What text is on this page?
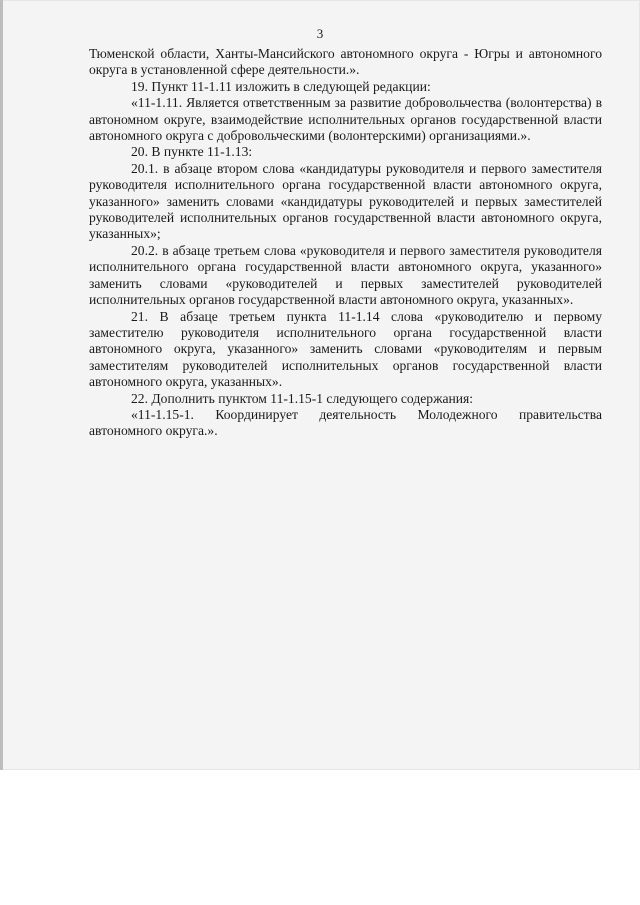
3

Тюменской области, Ханты-Мансийского автономного округа - Югры и автономного округа в установленной сфере деятельности.».

19. Пункт 11-1.11 изложить в следующей редакции:

«11-1.11. Является ответственным за развитие добровольчества (волонтерства) в автономном округе, взаимодействие исполнительных органов государственной власти автономного округа с добровольческими (волонтерскими) организациями.».

20. В пункте 11-1.13:

20.1. в абзаце втором слова «кандидатуры руководителя и первого заместителя руководителя исполнительного органа государственной власти автономного округа, указанного» заменить словами «кандидатуры руководителей и первых заместителей руководителей исполнительных органов государственной власти автономного округа, указанных»;

20.2. в абзаце третьем слова «руководителя и первого заместителя руководителя исполнительного органа государственной власти автономного округа, указанного» заменить словами «руководителей и первых заместителей руководителей исполнительных органов государственной власти автономного округа, указанных».

21. В абзаце третьем пункта 11-1.14 слова «руководителю и первому заместителю руководителя исполнительного органа государственной власти автономного округа, указанного» заменить словами «руководителям и первым заместителям руководителей исполнительных органов государственной власти автономного округа, указанных».

22. Дополнить пунктом 11-1.15-1 следующего содержания:

«11-1.15-1. Координирует деятельность Молодежного правительства автономного округа.».
